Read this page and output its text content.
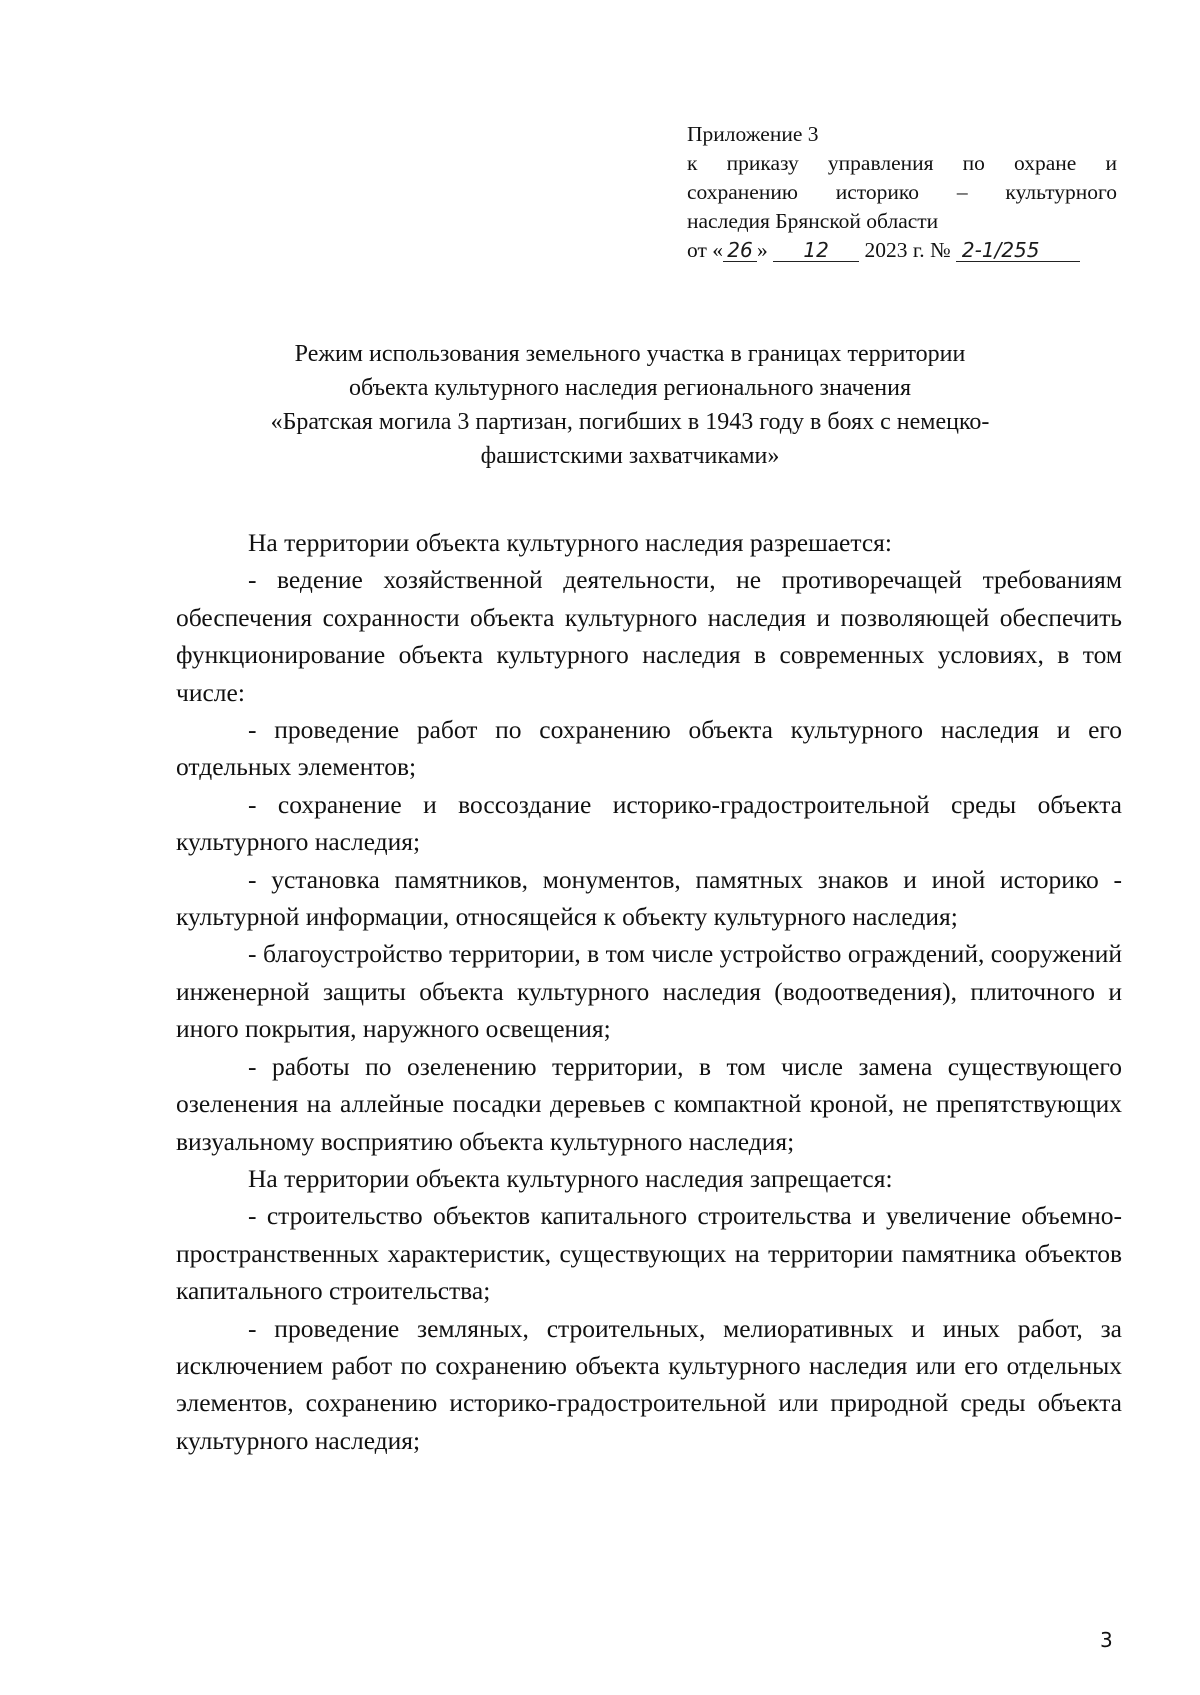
Приложение 3
к приказу управления по охране и
сохранению историко – культурного
наследия Брянской области
от « 26 » 12 2023 г. № 2-1/255
Режим использования земельного участка в границах территории
объекта культурного наследия регионального значения
«Братская могила 3 партизан, погибших в 1943 году в боях с немецко-
фашистскими захватчиками»

На территории объекта культурного наследия разрешается:

- ведение хозяйственной деятельности, не противоречащей требованиям обеспечения сохранности объекта культурного наследия и позволяющей обеспечить функционирование объекта культурного наследия в современных условиях, в том числе:

- проведение работ по сохранению объекта культурного наследия и его отдельных элементов;

- сохранение и воссоздание историко-градостроительной среды объекта культурного наследия;

- установка памятников, монументов, памятных знаков и иной историко - культурной информации, относящейся к объекту культурного наследия;

- благоустройство территории, в том числе устройство ограждений, сооружений инженерной защиты объекта культурного наследия (водоотведения), плиточного и иного покрытия, наружного освещения;

- работы по озеленению территории, в том числе замена существующего озеленения на аллейные посадки деревьев с компактной кроной, не препятствующих визуальному восприятию объекта культурного наследия;

На территории объекта культурного наследия запрещается:

- строительство объектов капитального строительства и увеличение объемно-пространственных характеристик, существующих на территории памятника объектов капитального строительства;

- проведение земляных, строительных, мелиоративных и иных работ, за исключением работ по сохранению объекта культурного наследия или его отдельных элементов, сохранению историко-градостроительной или природной среды объекта культурного наследия;

3
